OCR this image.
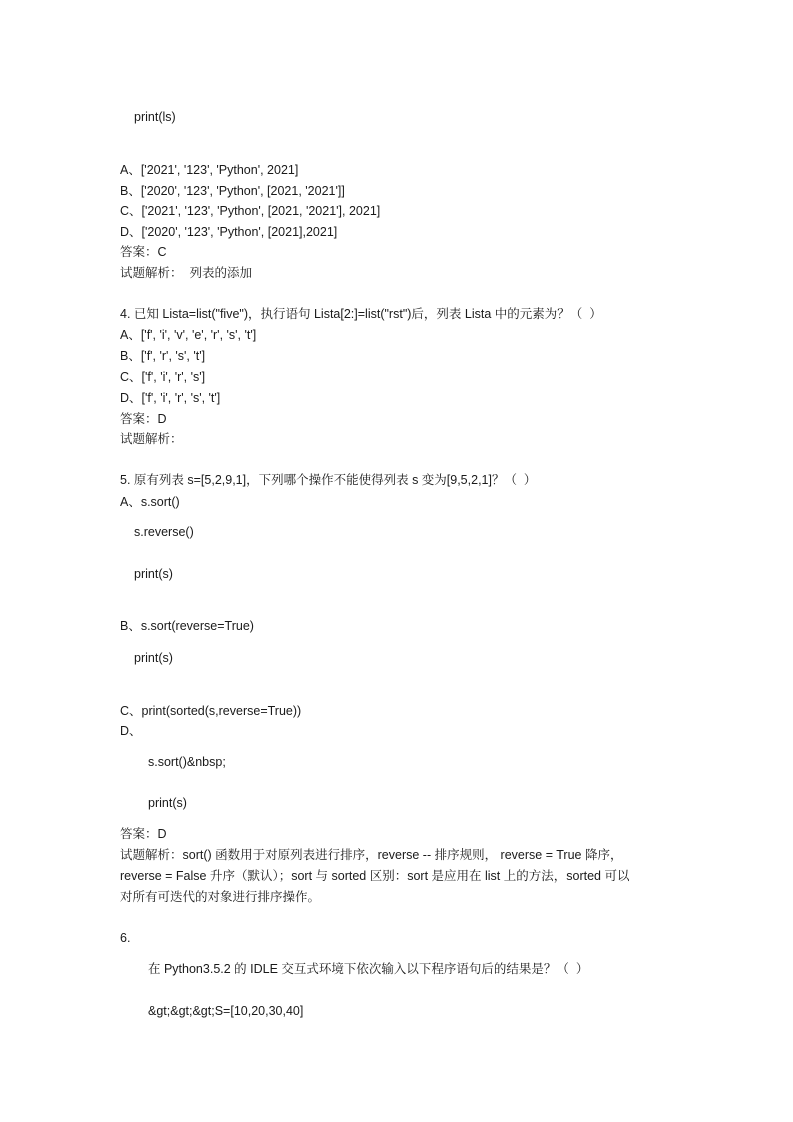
print(ls)
A、['2021', '123', 'Python', 2021]
B、['2020', '123', 'Python', [2021, '2021']]
C、['2021', '123', 'Python', [2021, '2021'], 2021]
D、['2020', '123', 'Python', [2021],2021]
答案：C
试题解析：  列表的添加
4. 已知 Lista=list("five")，执行语句 Lista[2:]=list("rst")后，列表 Lista 中的元素为？（  ）
A、['f', 'i', 'v', 'e', 'r', 's', 't']
B、['f', 'r', 's', 't']
C、['f', 'i', 'r', 's']
D、['f', 'i', 'r', 's', 't']
答案：D
试题解析：
5. 原有列表 s=[5,2,9,1]，下列哪个操作不能使得列表 s 变为[9,5,2,1]？（  ）
A、s.sort()
s.reverse()
print(s)
B、s.sort(reverse=True)
print(s)
C、print(sorted(s,reverse=True))
D、
s.sort()&nbsp;
print(s)
答案：D
试题解析：sort() 函数用于对原列表进行排序，reverse -- 排序规则， reverse = True 降序，
reverse = False 升序（默认）；sort 与 sorted 区别：sort 是应用在 list 上的方法，sorted 可以
对所有可迭代的对象进行排序操作。
6.
在 Python3.5.2 的 IDLE 交互式环境下依次输入以下程序语句后的结果是？（  ）
&gt;&gt;&gt;S=[10,20,30,40]
